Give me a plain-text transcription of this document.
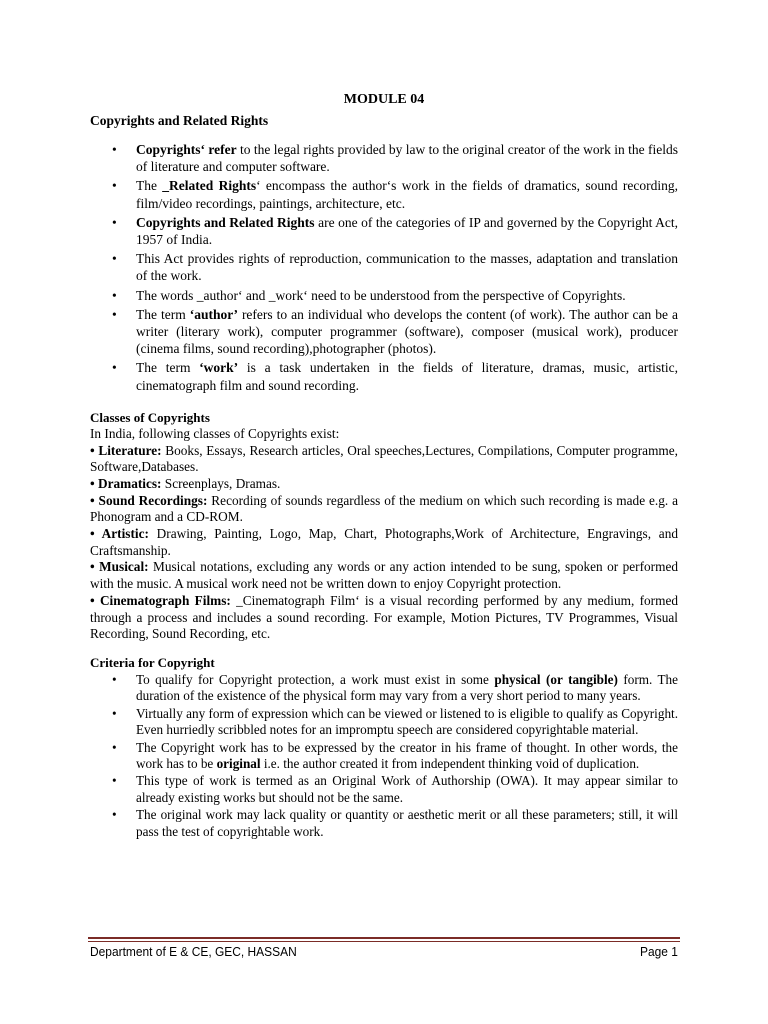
MODULE 04

Copyrights and Related Rights

• Copyrights‘ refer to the legal rights provided by law to the original creator of the work in the fields of literature and computer software.
• The _Related Rights‘ encompass the author‘s work in the fields of dramatics, sound recording, film/video recordings, paintings, architecture, etc.
• Copyrights and Related Rights are one of the categories of IP and governed by the Copyright Act, 1957 of India.
• This Act provides rights of reproduction, communication to the masses, adaptation and translation of the work.
• The words _author‘ and _work‘ need to be understood from the perspective of Copyrights.
• The term ‘author’ refers to an individual who develops the content (of work). The author can be a writer (literary work), computer programmer (software), composer (musical work), producer (cinema films, sound recording),photographer (photos).
• The term ‘work’ is a task undertaken in the fields of literature, dramas, music, artistic, cinematograph film and sound recording.

Classes of Copyrights

In India, following classes of Copyrights exist:

• Literature: Books, Essays, Research articles, Oral speeches,Lectures, Compilations, Computer programme, Software,Databases.

• Dramatics: Screenplays, Dramas.

• Sound Recordings: Recording of sounds regardless of the medium on which such recording is made e.g. a Phonogram and a CD-ROM.

• Artistic: Drawing, Painting, Logo, Map, Chart, Photographs,Work of Architecture, Engravings, and Craftsmanship.

• Musical: Musical notations, excluding any words or any action intended to be sung, spoken or performed with the music. A musical work need not be written down to enjoy Copyright protection.

• Cinematograph Films: _Cinematograph Film‘ is a visual recording performed by any medium, formed through a process and includes a sound recording. For example, Motion Pictures, TV Programmes, Visual Recording, Sound Recording, etc.

Criteria for Copyright

• To qualify for Copyright protection, a work must exist in some physical (or tangible) form. The duration of the existence of the physical form may vary from a very short period to many years.
• Virtually any form of expression which can be viewed or listened to is eligible to qualify as Copyright. Even hurriedly scribbled notes for an impromptu speech are considered copyrightable material.
• The Copyright work has to be expressed by the creator in his frame of thought. In other words, the work has to be original i.e. the author created it from independent thinking void of duplication.
• This type of work is termed as an Original Work of Authorship (OWA). It may appear similar to already existing works but should not be the same.
• The original work may lack quality or quantity or aesthetic merit or all these parameters; still, it will pass the test of copyrightable work.
Department of E & CE, GEC, HASSAN	Page 1
